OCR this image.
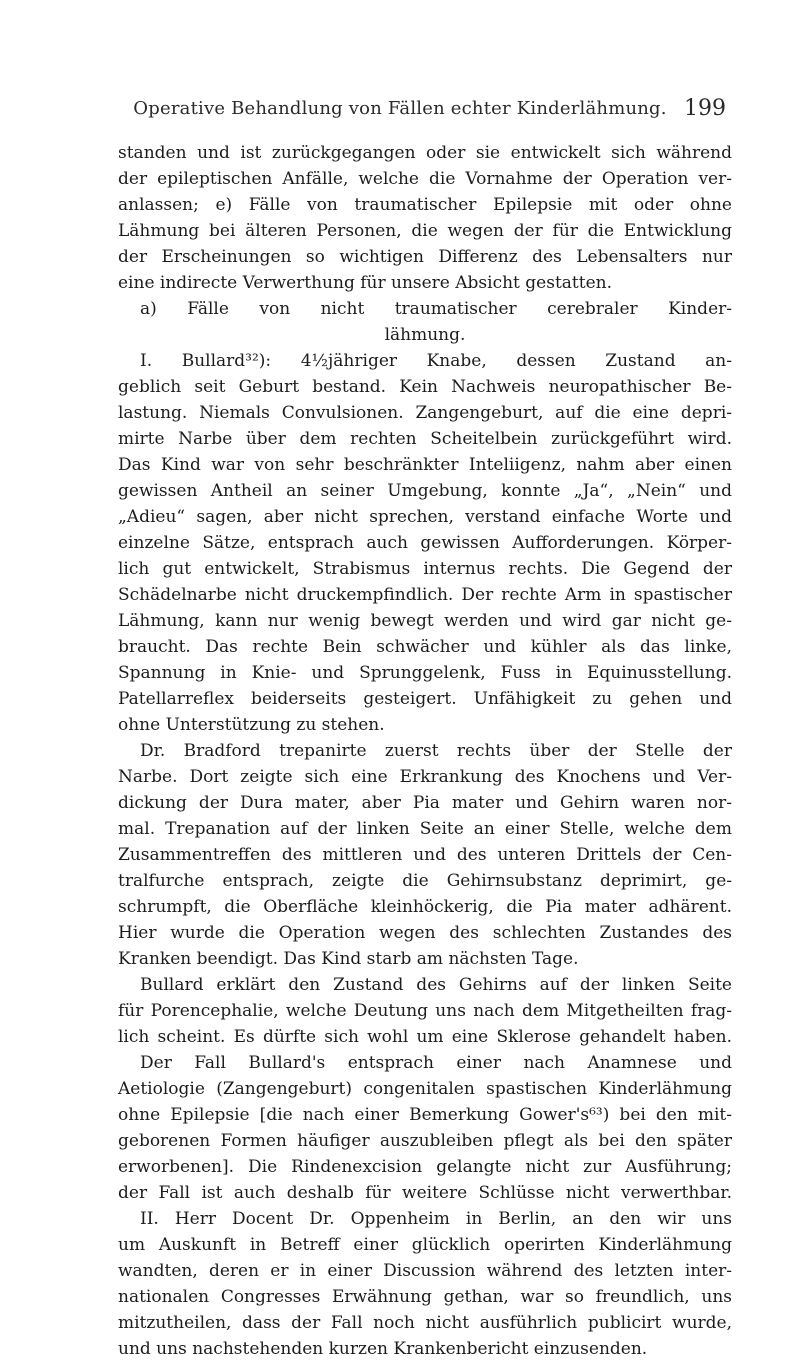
Operative Behandlung von Fällen echter Kinderlähmung. 199
standen und ist zurückgegangen oder sie entwickelt sich während
der epileptischen Anfälle, welche die Vornahme der Operation ver-
anlassen; e) Fälle von traumatischer Epilepsie mit oder ohne
Lähmung bei älteren Personen, die wegen der für die Entwicklung
der Erscheinungen so wichtigen Differenz des Lebensalters nur
eine indirecte Verwerthung für unsere Absicht gestatten.
a) Fälle von nicht traumatischer cerebraler Kinder-
lähmung.
I. Bullard³²): 4½jähriger Knabe, dessen Zustand an-
geblich seit Geburt bestand. Kein Nachweis neuropathischer Be-
lastung. Niemals Convulsionen. Zangengeburt, auf die eine depri-
mirte Narbe über dem rechten Scheitelbein zurückgeführt wird.
Das Kind war von sehr beschränkter Inteliigenz, nahm aber einen
gewissen Antheil an seiner Umgebung, konnte „Ja“, „Nein“ und
„Adieu“ sagen, aber nicht sprechen, verstand einfache Worte und
einzelne Sätze, entsprach auch gewissen Aufforderungen. Körper-
lich gut entwickelt, Strabismus internus rechts. Die Gegend der
Schädelnarbe nicht druckempfindlich. Der rechte Arm in spastischer
Lähmung, kann nur wenig bewegt werden und wird gar nicht ge-
braucht. Das rechte Bein schwächer und kühler als das linke,
Spannung in Knie- und Sprunggelenk, Fuss in Equinusstellung.
Patellarreflex beiderseits gesteigert. Unfähigkeit zu gehen und
ohne Unterstützung zu stehen.
Dr. Bradford trepanirte zuerst rechts über der Stelle der
Narbe. Dort zeigte sich eine Erkrankung des Knochens und Ver-
dickung der Dura mater, aber Pia mater und Gehirn waren nor-
mal. Trepanation auf der linken Seite an einer Stelle, welche dem
Zusammentreffen des mittleren und des unteren Drittels der Cen-
tralfurche entsprach, zeigte die Gehirnsubstanz deprimirt, ge-
schrumpft, die Oberfläche kleinhöckerig, die Pia mater adhärent.
Hier wurde die Operation wegen des schlechten Zustandes des
Kranken beendigt. Das Kind starb am nächsten Tage.
Bullard erklärt den Zustand des Gehirns auf der linken Seite
für Porencephalie, welche Deutung uns nach dem Mitgetheilten frag-
lich scheint. Es dürfte sich wohl um eine Sklerose gehandelt haben.
Der Fall Bullard's entsprach einer nach Anamnese und
Aetiologie (Zangengeburt) congenitalen spastischen Kinderlähmung
ohne Epilepsie [die nach einer Bemerkung Gower's⁶³) bei den mit-
geborenen Formen häufiger auszubleiben pflegt als bei den später
erworbenen]. Die Rindenexcision gelangte nicht zur Ausführung;
der Fall ist auch deshalb für weitere Schlüsse nicht verwerthbar.
II. Herr Docent Dr. Oppenheim in Berlin, an den wir uns
um Auskunft in Betreff einer glücklich operirten Kinderlähmung
wandten, deren er in einer Discussion während des letzten inter-
nationalen Congresses Erwähnung gethan, war so freundlich, uns
mitzutheilen, dass der Fall noch nicht ausführlich publicirt wurde,
und uns nachstehenden kurzen Krankenbericht einzusenden.
